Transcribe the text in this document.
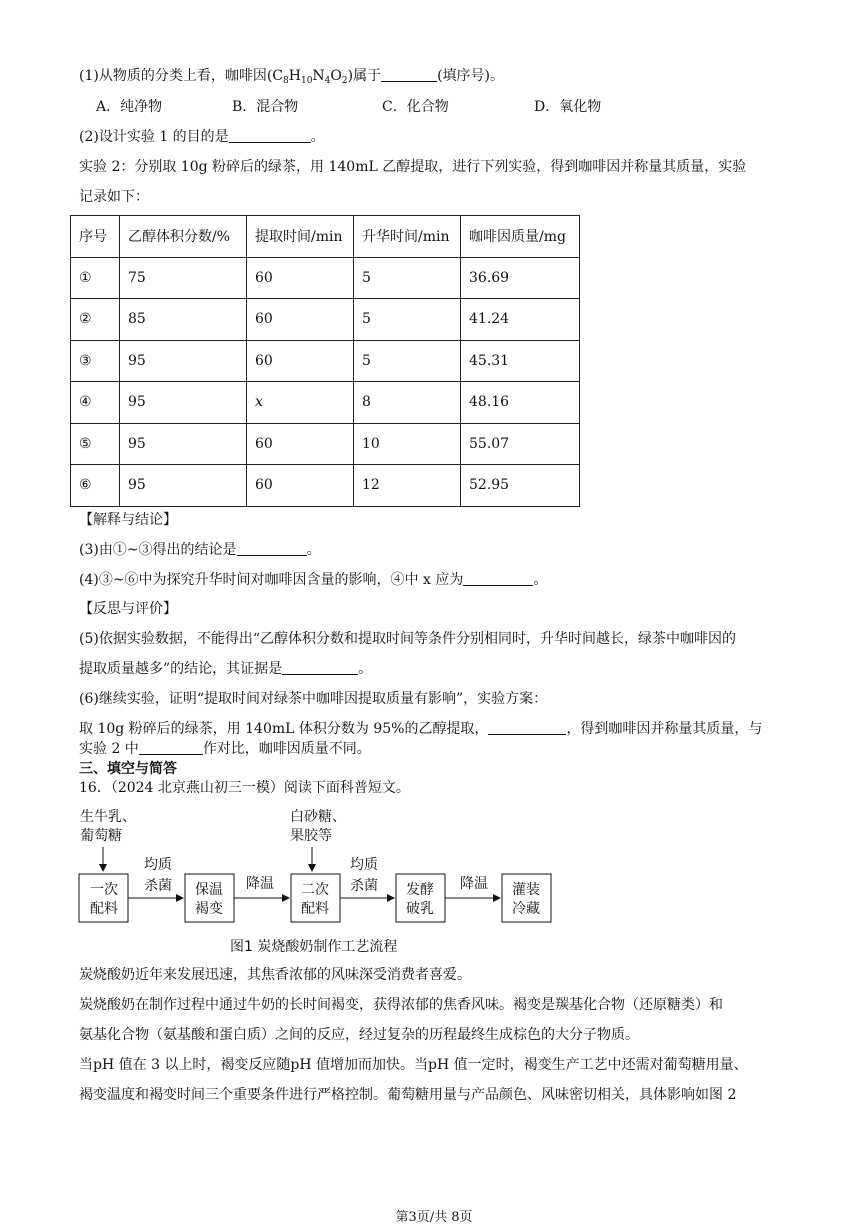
(1)从物质的分类上看，咖啡因$(C_8H_{10}N_4O_2)$属于	(填序号)。
A．纯净物	B．混合物	C．化合物	D．氧化物
(2)设计实验 1 的目的是	。
实验 2：分别取 10g 粉碎后的绿茶，用 140mL 乙醇提取，进行下列实验，得到咖啡因并称量其质量，实验
记录如下：
序号	乙醇体积分数/%	提取时间/min	升华时间/min	咖啡因质量/mg
①	75	60	5	36.69
②	85	60	5	41.24
③	95	60	5	45.31
④	95	x	8	48.16
⑤	95	60	10	55.07
⑥	95	60	12	52.95
【解释与结论】
(3)由①~③得出的结论是	。
(4)③~⑥中为探究升华时间对咖啡因含量的影响，④中 x 应为	。
【反思与评价】
(5)依据实验数据，不能得出“乙醇体积分数和提取时间等条件分别相同时，升华时间越长，绿茶中咖啡因的
提取质量越多”的结论，其证据是	。
(6)继续实验，证明“提取时间对绿茶中咖啡因提取质量有影响”，实验方案：
取 10g 粉碎后的绿茶，用 140mL 体积分数为 95%的乙醇提取，	，得到咖啡因并称量其质量，与
实验 2 中	作对比，咖啡因质量不同。
三、填空与简答
16．（2024 北京燕山初三一模）阅读下面科普短文。
生牛乳、
葡萄糖
白砂糖、
果胶等
一次
配料
保温
褐变
二次
配料
发酵
破乳
灌装
冷藏
均质
杀菌	降温
均质
杀菌	降温
图1 炭烧酸奶制作工艺流程
炭烧酸奶近年来发展迅速，其焦香浓郁的风味深受消费者喜爱。
炭烧酸奶在制作过程中通过牛奶的长时间褐变，获得浓郁的焦香风味。褐变是羰基化合物（还原糖类）和
氨基化合物（氨基酸和蛋白质）之间的反应，经过复杂的历程最终生成棕色的大分子物质。
当pH 值在 3 以上时，褐变反应随pH 值增加而加快。当pH 值一定时，褐变生产工艺中还需对葡萄糖用量、
褐变温度和褐变时间三个重要条件进行严格控制。葡萄糖用量与产品颜色、风味密切相关，具体影响如图 2
第3页/共 8页
